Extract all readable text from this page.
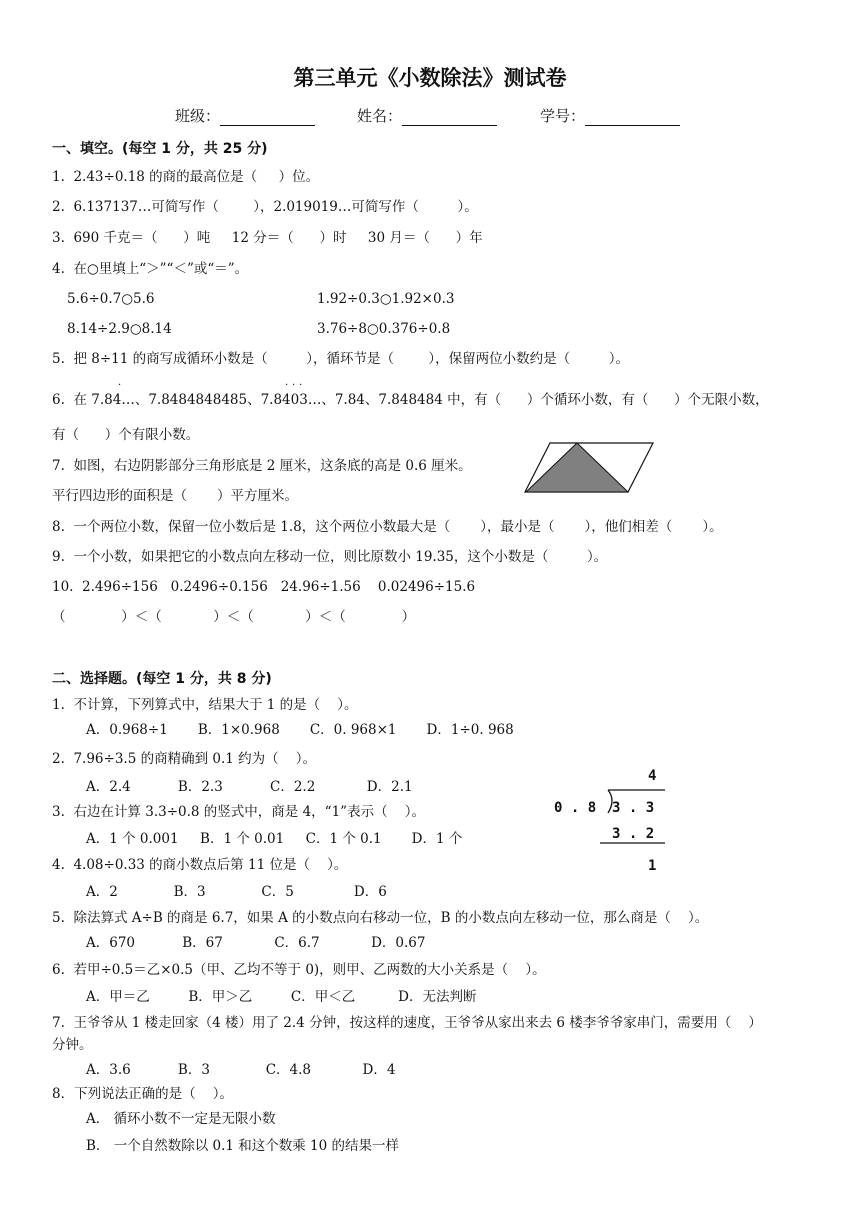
第三单元《小数除法》测试卷
班级：	姓名：	学号：
一、填空。(每空 1 分，共 25 分)
1.  2.43÷0.18 的商的最高位是（     ）位。
2.  6.137137…可简写作（        ），2.019019…可简写作（         ）。
3.  690 千克＝（      ）吨     12 分＝（      ）时     30 月＝（      ）年
4.  在○里填上“＞”“＜”或“＝”。
5.6÷0.7○5.6	1.92÷0.3○1.92×0.3
8.14÷2.9○8.14	3.76÷8○0.376÷0.8
5.  把 8÷11 的商写成循环小数是（         ），循环节是（        ），保留两位小数约是（         ）。
·	· · ·
6.  在 7.84…、7.8484848485、7.8403…、7.84、7.848484 中，有（      ）个循环小数，有（      ）个无限小数，
有（      ）个有限小数。
7.  如图，右边阴影部分三角形底是 2 厘米，这条底的高是 0.6 厘米。
平行四边形的面积是（       ）平方厘米。
8.  一个两位小数，保留一位小数后是 1.8，这个两位小数最大是（       ），最小是（       ），他们相差（       ）。
9.  一个小数，如果把它的小数点向左移动一位，则比原数小 19.35，这个小数是（         ）。
10.  2.496÷156   0.2496÷0.156   24.96÷1.56    0.02496÷15.6
（             ）＜（            ）＜（            ）＜（             ）
二、选择题。(每空 1 分，共 8 分)
1.  不计算，下列算式中，结果大于 1 的是（    ）。
A．0.968÷1       B．1×0.968       C．0. 968×1       D．1÷0. 968
2.  7.96÷3.5 的商精确到 0.1 约为（    ）。
A．2.4           B．2.3           C．2.2            D．2.1
3.  右边在计算 3.3÷0.8 的竖式中，商是 4，“1”表示（    ）。
A．1 个 0.001     B．1 个 0.01     C．1 个 0.1       D．1 个
4.  4.08÷0.33 的商小数点后第 11 位是（    ）。
A．2             B．3             C．5              D．6
5.  除法算式 A÷B 的商是 6.7，如果 A 的小数点向右移动一位，B 的小数点向左移动一位，那么商是（    ）。
A．670           B．67            C．6.7            D．0.67
6.  若甲÷0.5＝乙×0.5（甲、乙均不等于 0)，则甲、乙两数的大小关系是（    ）。
A．甲＝乙         B．甲＞乙         C．甲＜乙          D．无法判断
7.  王爷爷从 1 楼走回家（4 楼）用了 2.4 分钟，按这样的速度，王爷爷从家出来去 6 楼李爷爷家串门，需要用（    ）
分钟。
A．3.6           B．3             C．4.8            D．4
8．下列说法正确的是（    ）。
A． 循环小数不一定是无限小数
B． 一个自然数除以 0.1 和这个数乘 10 的结果一样
4
0 . 8 3 . 3
3 . 2
1
